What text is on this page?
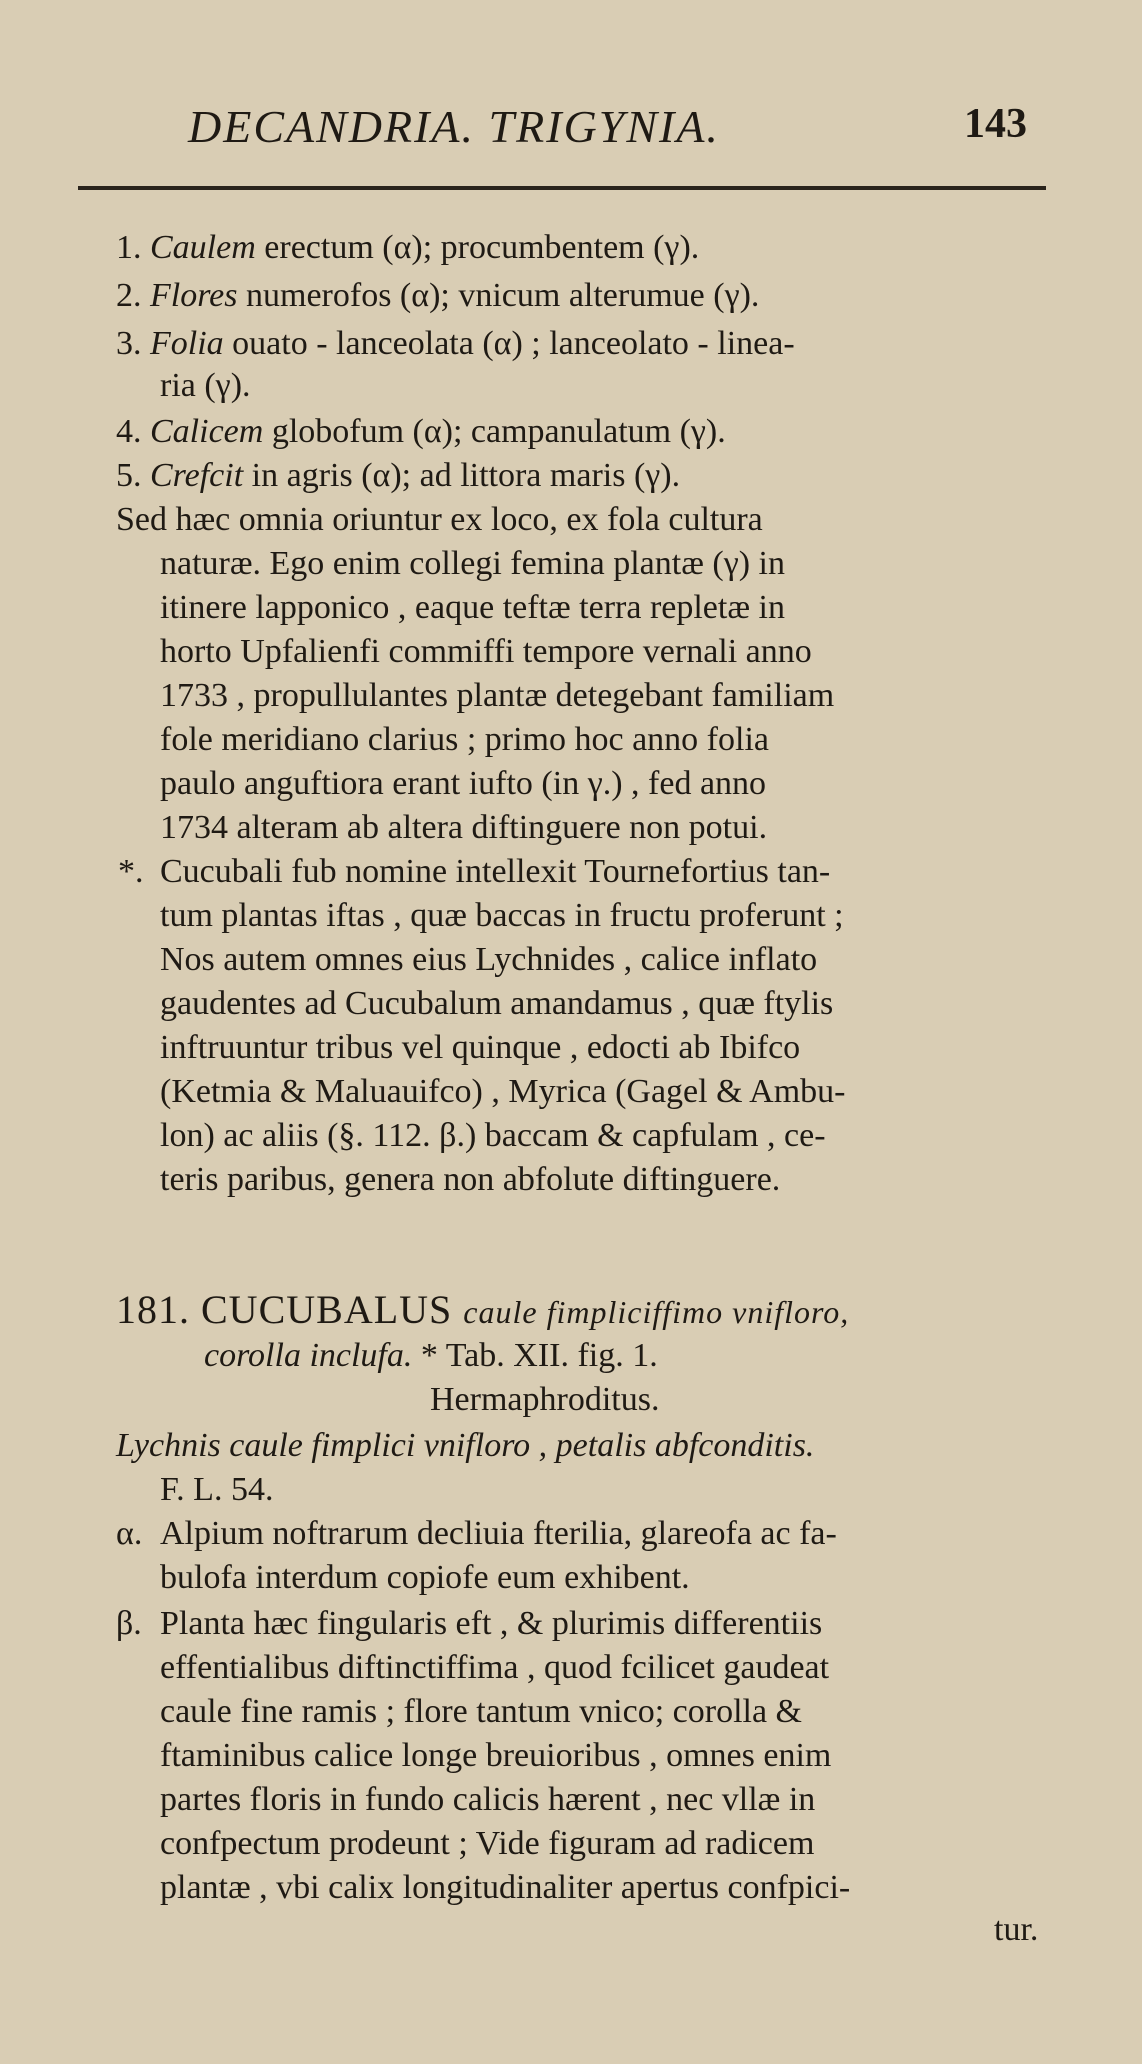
DECANDRIA. TRIGYNIA.	143
1. Caulem erectum (α); procumbentem (γ).
2. Flores numerofos (α); vnicum alterumue (γ).
3. Folia ouato - lanceolata (α) ; lanceolato - linea-
ria (γ).
4. Calicem globofum (α); campanulatum (γ).
5. Crefcit in agris (α); ad littora maris (γ).
Sed hæc omnia oriuntur ex loco, ex fola cultura
naturæ. Ego enim collegi femina plantæ (γ) in
itinere lapponico , eaque teftæ terra repletæ in
horto Upfalienfi commiffi tempore vernali anno
1733 , propullulantes plantæ detegebant familiam
fole meridiano clarius ; primo hoc anno folia
paulo anguftiora erant iufto (in γ.) , fed anno
1734 alteram ab altera diftinguere non potui.
*. Cucubali fub nomine intellexit Tournefortius tan-
tum plantas iftas , quæ baccas in fructu proferunt ;
Nos autem omnes eius Lychnides , calice inflato
gaudentes ad Cucubalum amandamus , quæ ftylis
inftruuntur tribus vel quinque , edocti ab Ibifco
(Ketmia & Maluauifco) , Myrica (Gagel & Ambu-
lon) ac aliis (§. 112. β.) baccam & capfulam , ce-
teris paribus, genera non abfolute diftinguere.
181. CUCUBALUS caule fimpliciffimo vnifloro,
corolla inclufa. * Tab. XII. fig. 1.
Hermaphroditus.
Lychnis caule fimplici vnifloro , petalis abfconditis.
F. L. 54.
α. Alpium noftrarum decliuia fterilia, glareofa ac fa-
bulofa interdum copiofe eum exhibent.
β. Planta hæc fingularis eft , & plurimis differentiis
effentialibus diftinctiffima , quod fcilicet gaudeat
caule fine ramis ; flore tantum vnico; corolla &
ftaminibus calice longe breuioribus , omnes enim
partes floris in fundo calicis hærent , nec vllæ in
confpectum prodeunt ; Vide figuram ad radicem
plantæ , vbi calix longitudinaliter apertus confpici-
tur.
